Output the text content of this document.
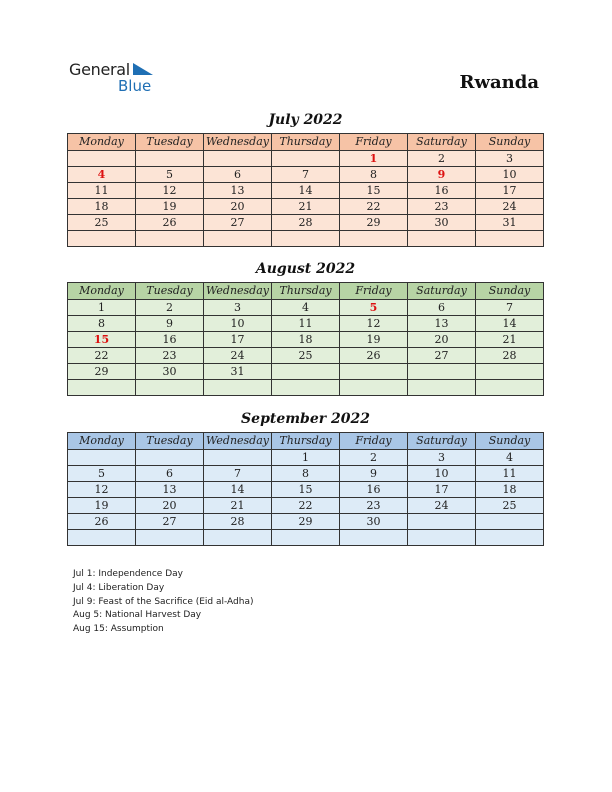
General
Blue	Rwanda
July 2022
Monday	Tuesday	Wednesday	Thursday	Friday	Saturday	Sunday
				1	2	3
4	5	6	7	8	9	10
11	12	13	14	15	16	17
18	19	20	21	22	23	24
25	26	27	28	29	30	31

August 2022
Monday	Tuesday	Wednesday	Thursday	Friday	Saturday	Sunday
1	2	3	4	5	6	7
8	9	10	11	12	13	14
15	16	17	18	19	20	21
22	23	24	25	26	27	28
29	30	31				

September 2022
Monday	Tuesday	Wednesday	Thursday	Friday	Saturday	Sunday
			1	2	3	4
5	6	7	8	9	10	11
12	13	14	15	16	17	18
19	20	21	22	23	24	25
26	27	28	29	30		

Jul 1: Independence Day
Jul 4: Liberation Day
Jul 9: Feast of the Sacrifice (Eid al-Adha)
Aug 5: National Harvest Day
Aug 15: Assumption
